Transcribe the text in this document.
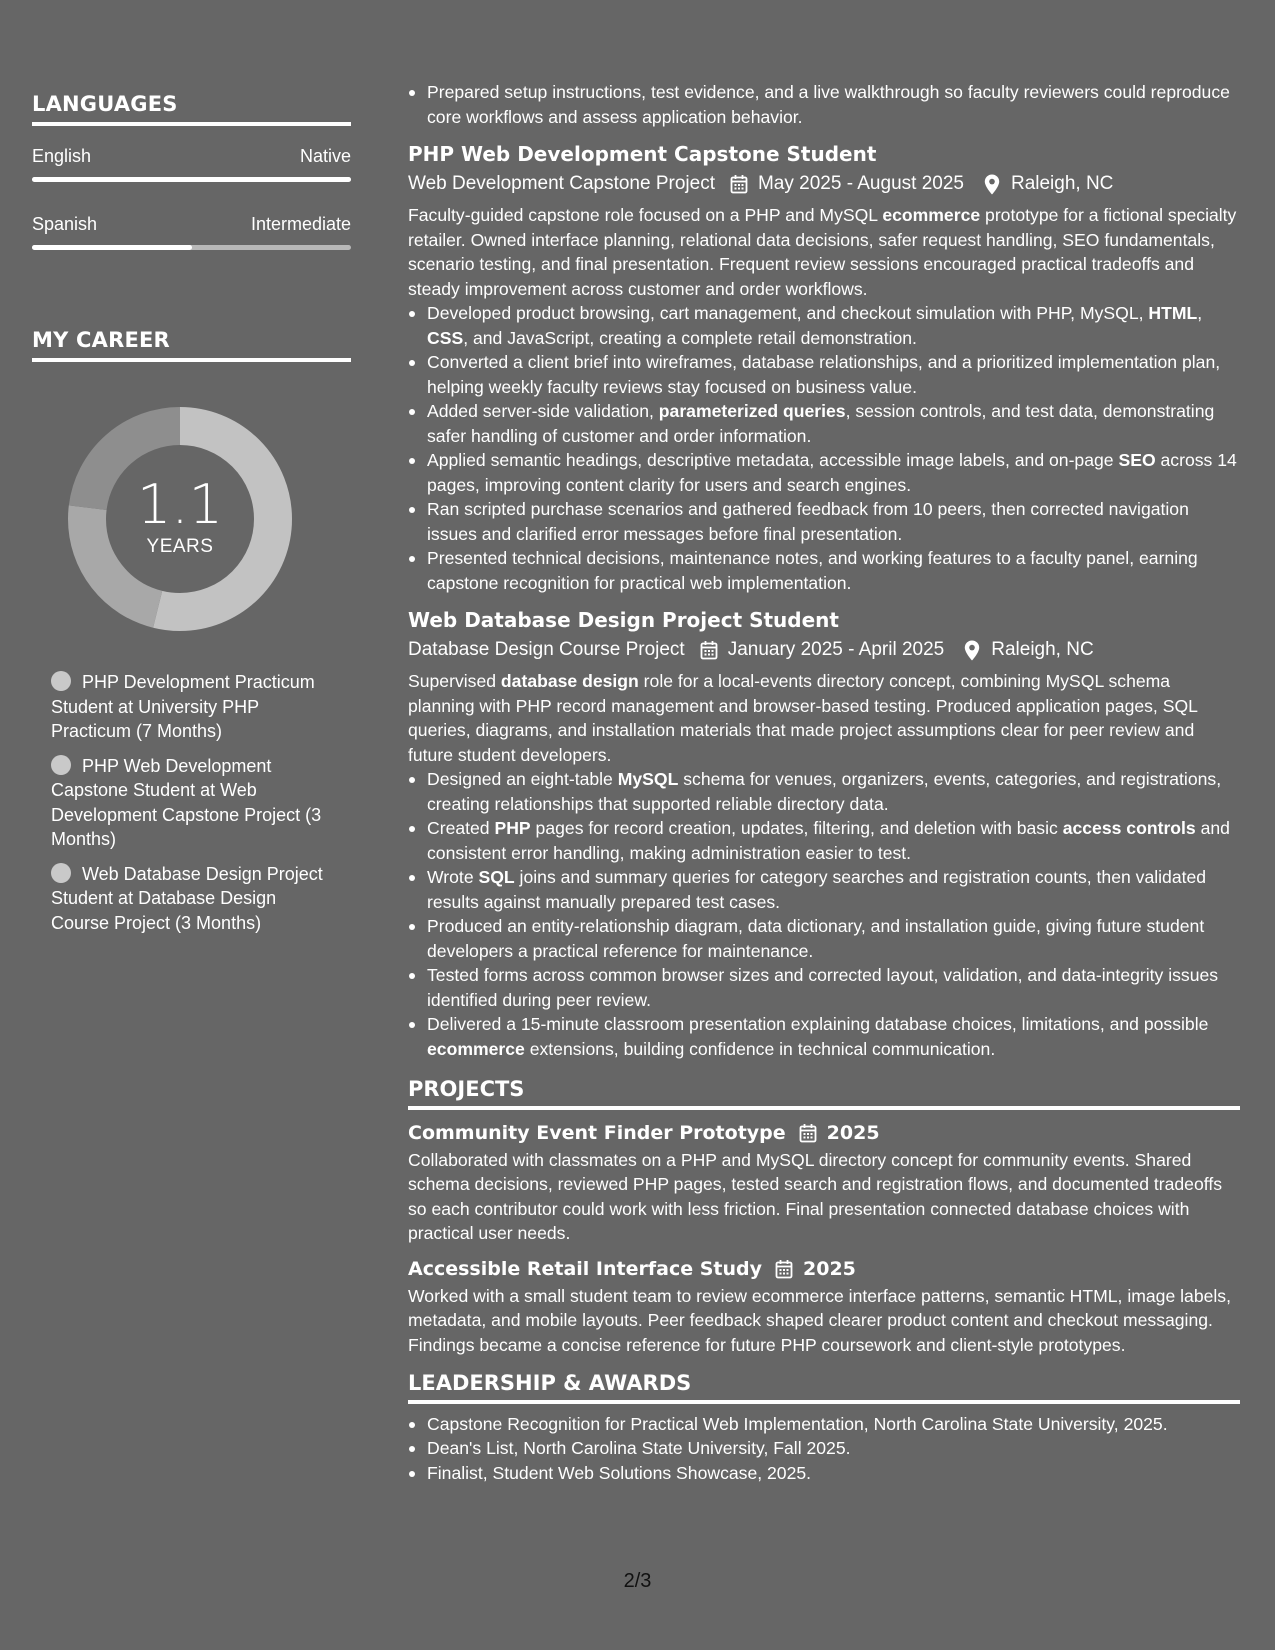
LANGUAGES
English	Native
Spanish	Intermediate
MY CAREER
1.1
YEARS
PHP Development Practicum Student at University PHP Practicum (7 Months)
PHP Web Development Capstone Student at Web Development Capstone Project (3 Months)
Web Database Design Project Student at Database Design Course Project (3 Months)
Prepared setup instructions, test evidence, and a live walkthrough so faculty reviewers could reproduce core workflows and assess application behavior.
PHP Web Development Capstone Student
Web Development Capstone Project May 2025 - August 2025 Raleigh, NC

Faculty-guided capstone role focused on a PHP and MySQL ecommerce prototype for a fictional specialty retailer. Owned interface planning, relational data decisions, safer request handling, SEO fundamentals, scenario testing, and final presentation. Frequent review sessions encouraged practical tradeoffs and steady improvement across customer and order workflows.

Developed product browsing, cart management, and checkout simulation with PHP, MySQL, HTML, CSS, and JavaScript, creating a complete retail demonstration.
Converted a client brief into wireframes, database relationships, and a prioritized implementation plan, helping weekly faculty reviews stay focused on business value.
Added server-side validation, parameterized queries, session controls, and test data, demonstrating safer handling of customer and order information.
Applied semantic headings, descriptive metadata, accessible image labels, and on-page SEO across 14 pages, improving content clarity for users and search engines.
Ran scripted purchase scenarios and gathered feedback from 10 peers, then corrected navigation issues and clarified error messages before final presentation.
Presented technical decisions, maintenance notes, and working features to a faculty panel, earning capstone recognition for practical web implementation.
Web Database Design Project Student
Database Design Course Project January 2025 - April 2025 Raleigh, NC

Supervised database design role for a local-events directory concept, combining MySQL schema planning with PHP record management and browser-based testing. Produced application pages, SQL queries, diagrams, and installation materials that made project assumptions clear for peer review and future student developers.

Designed an eight-table MySQL schema for venues, organizers, events, categories, and registrations, creating relationships that supported reliable directory data.
Created PHP pages for record creation, updates, filtering, and deletion with basic access controls and consistent error handling, making administration easier to test.
Wrote SQL joins and summary queries for category searches and registration counts, then validated results against manually prepared test cases.
Produced an entity-relationship diagram, data dictionary, and installation guide, giving future student developers a practical reference for maintenance.
Tested forms across common browser sizes and corrected layout, validation, and data-integrity issues identified during peer review.
Delivered a 15-minute classroom presentation explaining database choices, limitations, and possible ecommerce extensions, building confidence in technical communication.
PROJECTS
Community Event Finder Prototype 2025

Collaborated with classmates on a PHP and MySQL directory concept for community events. Shared schema decisions, reviewed PHP pages, tested search and registration flows, and documented tradeoffs so each contributor could work with less friction. Final presentation connected database choices with practical user needs.

Accessible Retail Interface Study 2025

Worked with a small student team to review ecommerce interface patterns, semantic HTML, image labels, metadata, and mobile layouts. Peer feedback shaped clearer product content and checkout messaging. Findings became a concise reference for future PHP coursework and client-style prototypes.

LEADERSHIP & AWARDS
Capstone Recognition for Practical Web Implementation, North Carolina State University, 2025.
Dean's List, North Carolina State University, Fall 2025.
Finalist, Student Web Solutions Showcase, 2025.
2/3
